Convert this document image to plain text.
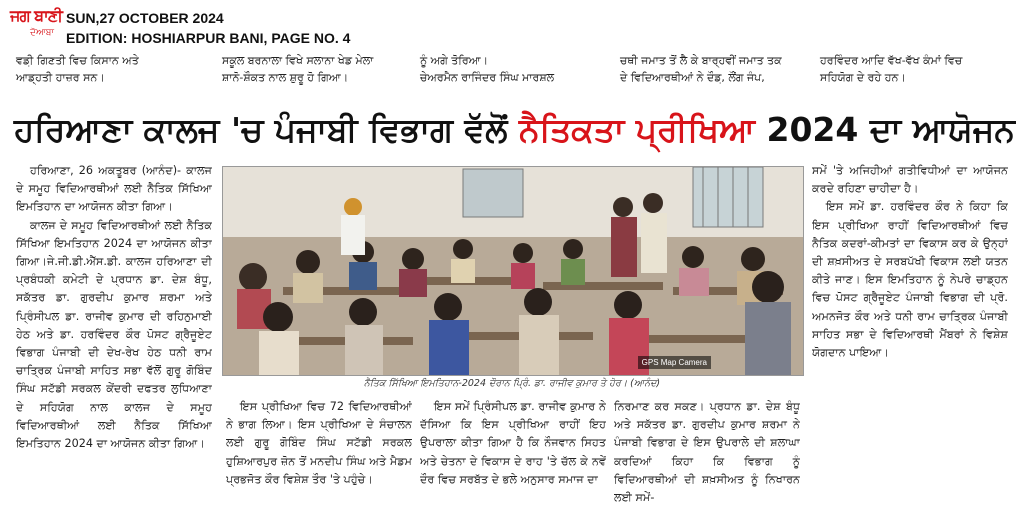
ਜਗ ਬਾਣੀ
ਦੋਆਬਾ
SUN,27 OCTOBER 2024
EDITION: HOSHIARPUR BANI, PAGE NO. 4
ਵਡ਼ੀ ਗਿਣਤੀ ਵਿਚ ਕਿਸਾਨ ਅਤੇ
ਆਡ਼੍ਹਤੀ ਹਾਜ਼ਰ ਸਨ।
ਸਕੂਲ ਬਰਨਾਲਾ ਵਿਖੇ ਸਲਾਨਾ ਖੇਡ ਮੇਲਾ
ਸ਼ਾਨੋ-ਸ਼ੌਕਤ ਨਾਲ ਸ਼ੁਰੂ ਹੋ ਗਿਆ।
ਨੂੰ ਅਗੇ ਤੋਰਿਆ।
ਚੇਅਰਮੈਨ ਰਾਜਿੰਦਰ ਸਿੰਘ ਮਾਰਸ਼ਲ
ਚਥੀ ਜਮਾਤ ਤੋਂ ਲੈ ਕੇ ਬਾਰ੍ਹਵੀਂ ਜਮਾਤ ਤਕ
ਦੇ ਵਿਦਿਆਰਥੀਆਂ ਨੇ ਦੌਡ਼, ਲੌਂਗ ਜੰਪ,
ਹਰਵਿੰਦਰ ਆਦਿ ਵੱਖ-ਵੱਖ ਕੰਮਾਂ ਵਿਚ
ਸਹਿਯੋਗ ਦੇ ਰਹੇ ਹਨ।
ਹਰਿਆਣਾ ਕਾਲਜ 'ਚ ਪੰਜਾਬੀ ਵਿਭਾਗ ਵੱਲੋਂ ਨੈਤਿਕਤਾ ਪ੍ਰੀਖਿਆ 2024 ਦਾ ਆਯੋਜਨ

ਹਰਿਆਣਾ, 26 ਅਕਤੂਬਰ (ਆਨੰਦ)- ਕਾਲਜ ਦੇ ਸਮੂਹ ਵਿਦਿਆਰਥੀਆਂ ਲਈ ਨੈਤਿਕ ਸਿੱਖਿਆ ਇਮਤਿਹਾਨ ਦਾ ਆਯੋਜਨ ਕੀਤਾ ਗਿਆ।

ਕਾਲਜ ਦੇ ਸਮੂਹ ਵਿਦਿਆਰਥੀਆਂ ਲਈ ਨੈਤਿਕ ਸਿੱਖਿਆ ਇਮਤਿਹਾਨ 2024 ਦਾ ਆਯੋਜਨ ਕੀਤਾ ਗਿਆ।ਜੇ.ਜੀ.ਡੀ.ਐੱਸ.ਡੀ. ਕਾਲਜ ਹਰਿਆਣਾ ਦੀ ਪ੍ਰਬੰਧਕੀ ਕਮੇਟੀ ਦੇ ਪ੍ਰਧਾਨ ਡਾ. ਦੇਸ਼ ਬੰਧੂ, ਸਕੱਤਰ ਡਾ. ਗੁਰਦੀਪ ਕੁਮਾਰ ਸ਼ਰਮਾ ਅਤੇ ਪ੍ਰਿੰਸੀਪਲ ਡਾ. ਰਾਜੀਵ ਕੁਮਾਰ ਦੀ ਰਹਿਨੁਮਾਈ ਹੇਠ ਅਤੇ ਡਾ. ਹਰਵਿੰਦਰ ਕੌਰ ਪੋਸਟ ਗ੍ਰੈਜੂਏਟ ਵਿਭਾਗ ਪੰਜਾਬੀ ਦੀ ਦੇਖ-ਰੇਖ ਹੇਠ ਧਨੀ ਰਾਮ ਚਾਤ੍ਰਿਕ ਪੰਜਾਬੀ ਸਾਹਿਤ ਸਭਾ ਵੱਲੋਂ ਗੁਰੂ ਗੋਬਿੰਦ ਸਿੰਘ ਸਟੱਡੀ ਸਰਕਲ ਕੇਂਦਰੀ ਦਫਤਰ ਲੁਧਿਆਣਾ ਦੇ ਸਹਿਯੋਗ ਨਾਲ ਕਾਲਜ ਦੇ ਸਮੂਹ ਵਿਦਿਆਰਥੀਆਂ ਲਈ ਨੈਤਿਕ ਸਿੱਖਿਆ ਇਮਤਿਹਾਨ 2024 ਦਾ ਆਯੋਜਨ ਕੀਤਾ ਗਿਆ।

GPS Map Camera
ਨੈਤਿਕ ਸਿੱਖਿਆ ਇਮਤਿਹਾਨ-2024 ਦੌਰਾਨ ਪ੍ਰਿੰ. ਡਾ. ਰਾਜੀਵ ਕੁਮਾਰ ਤੇ ਹੋਰ। (ਆਨੰਦ)

ਇਸ ਪ੍ਰੀਖਿਆ ਵਿਚ 72 ਵਿਦਿਆਰਥੀਆਂ ਨੇ ਭਾਗ ਲਿਆ। ਇਸ ਪ੍ਰੀਖਿਆ ਦੇ ਸੰਚਾਲਨ ਲਈ ਗੁਰੂ ਗੋਬਿੰਦ ਸਿੰਘ ਸਟੱਡੀ ਸਰਕਲ ਹੁਸ਼ਿਆਰਪੁਰ ਜ਼ੋਨ ਤੋਂ ਮਨਦੀਪ ਸਿੰਘ ਅਤੇ ਮੈਡਮ ਪ੍ਰਭਜੋਤ ਕੌਰ ਵਿਸ਼ੇਸ਼ ਤੌਰ 'ਤੇ ਪਹੁੰਚੇ।

ਇਸ ਸਮੇਂ ਪ੍ਰਿੰਸੀਪਲ ਡਾ. ਰਾਜੀਵ ਕੁਮਾਰ ਨੇ ਦੱਸਿਆ ਕਿ ਇਸ ਪ੍ਰੀਖਿਆ ਰਾਹੀਂ ਇਹ ਉਪਰਾਲਾ ਕੀਤਾ ਗਿਆ ਹੈ ਕਿ ਨੌਜਵਾਨ ਸਿਹਤ ਅਤੇ ਚੇਤਨਾ ਦੇ ਵਿਕਾਸ ਦੇ ਰਾਹ 'ਤੇ ਚੱਲ ਕੇ ਨਵੇਂ ਦੌਰ ਵਿਚ ਸਰਬੱਤ ਦੇ ਭਲੇ ਅਨੁਸਾਰ ਸਮਾਜ ਦਾ

ਨਿਰਮਾਣ ਕਰ ਸਕਣ। ਪ੍ਰਧਾਨ ਡਾ. ਦੇਸ਼ ਬੰਧੂ ਅਤੇ ਸਕੱਤਰ ਡਾ. ਗੁਰਦੀਪ ਕੁਮਾਰ ਸ਼ਰਮਾ ਨੇ ਪੰਜਾਬੀ ਵਿਭਾਗ ਦੇ ਇਸ ਉਪਰਾਲੇ ਦੀ ਸ਼ਲਾਘਾ ਕਰਦਿਆਂ ਕਿਹਾ ਕਿ ਵਿਭਾਗ ਨੂੰ ਵਿਦਿਆਰਥੀਆਂ ਦੀ ਸ਼ਖ਼ਸੀਅਤ ਨੂੰ ਨਿਖਾਰਨ ਲਈ ਸਮੇਂ-

ਸਮੇਂ 'ਤੇ ਅਜਿਹੀਆਂ ਗਤੀਵਿਧੀਆਂ ਦਾ ਆਯੋਜਨ ਕਰਦੇ ਰਹਿਣਾ ਚਾਹੀਦਾ ਹੈ।

ਇਸ ਸਮੇਂ ਡਾ. ਹਰਵਿੰਦਰ ਕੌਰ ਨੇ ਕਿਹਾ ਕਿ ਇਸ ਪ੍ਰੀਖਿਆ ਰਾਹੀਂ ਵਿਦਿਆਰਥੀਆਂ ਵਿਚ ਨੈਤਿਕ ਕਦਰਾਂ-ਕੀਮਤਾਂ ਦਾ ਵਿਕਾਸ ਕਰ ਕੇ ਉਨ੍ਹਾਂ ਦੀ ਸ਼ਖ਼ਸੀਅਤ ਦੇ ਸਰਬਪੱਖੀ ਵਿਕਾਸ ਲਈ ਯਤਨ ਕੀਤੇ ਜਾਣ। ਇਸ ਇਮਤਿਹਾਨ ਨੂੰ ਨੇਪਰੇ ਚਾਡ਼੍ਹਨ ਵਿਚ ਪੋਸਟ ਗ੍ਰੈਜੂਏਟ ਪੰਜਾਬੀ ਵਿਭਾਗ ਦੀ ਪ੍ਰੋ. ਅਮਨਜੋਤ ਕੌਰ ਅਤੇ ਧਨੀ ਰਾਮ ਚਾਤ੍ਰਿਕ ਪੰਜਾਬੀ ਸਾਹਿਤ ਸਭਾ ਦੇ ਵਿਦਿਆਰਥੀ ਮੈਂਬਰਾਂ ਨੇ ਵਿਸ਼ੇਸ਼ ਯੋਗਦਾਨ ਪਾਇਆ।
